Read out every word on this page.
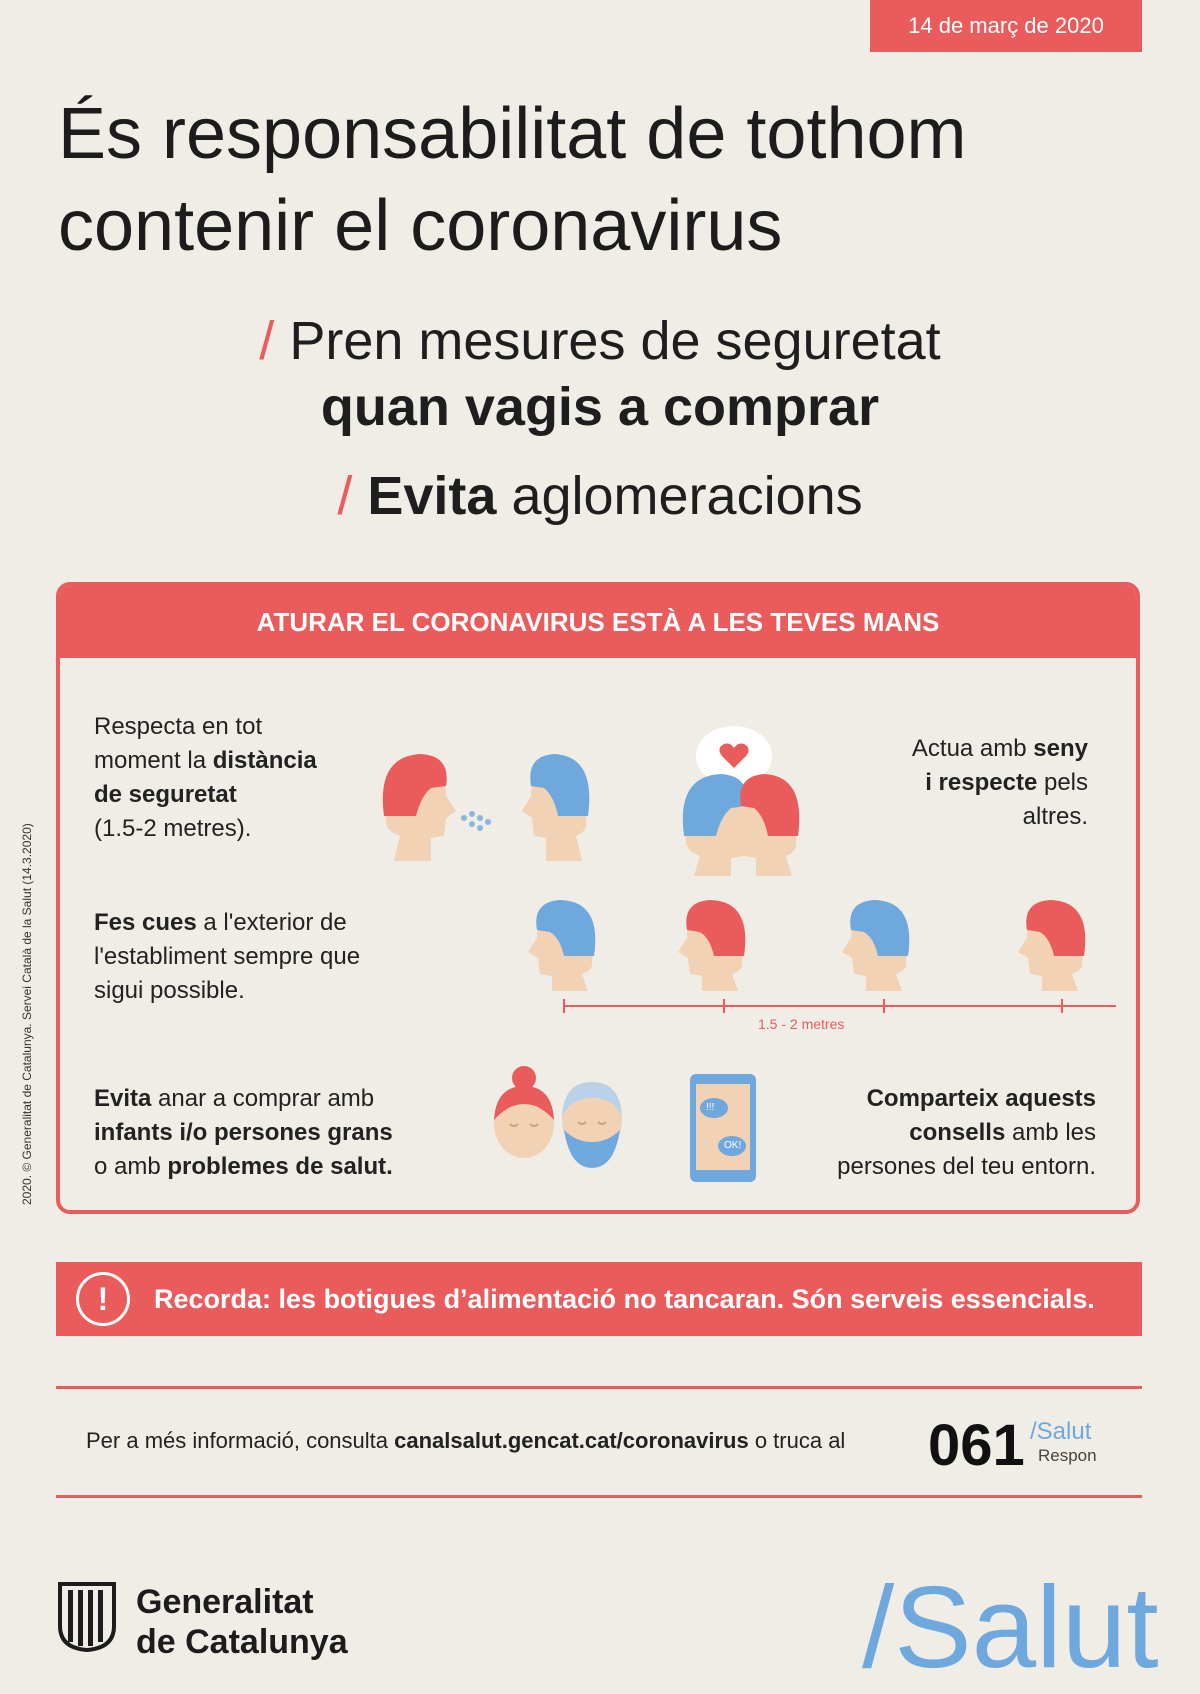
14 de març de 2020
És responsabilitat de tothom
contenir el coronavirus
/ Pren mesures de seguretat
quan vagis a comprar
/ Evita aglomeracions
ATURAR EL CORONAVIRUS ESTÀ A LES TEVES MANS
Respecta en tot
moment la distància
de seguretat
(1.5-2 metres).
Actua amb seny
i respecte pels
altres.
Fes cues a l'exterior de
l'establiment sempre que
sigui possible.
1.5 - 2 metres
Evita anar a comprar amb
infants i/o persones grans
o amb problemes de salut.
!!!
OK!
Comparteix aquests
consells amb les
persones del teu entorn.
!	Recorda: les botigues d’alimentació no tancaran. Són serveis essencials.
Per a més informació, consulta canalsalut.gencat.cat/coronavirus o truca al 061 /Salut
Respon
Generalitat
de Catalunya	/Salut
2020. © Generalitat de Catalunya. Servei Català de la Salut (14.3.2020)
